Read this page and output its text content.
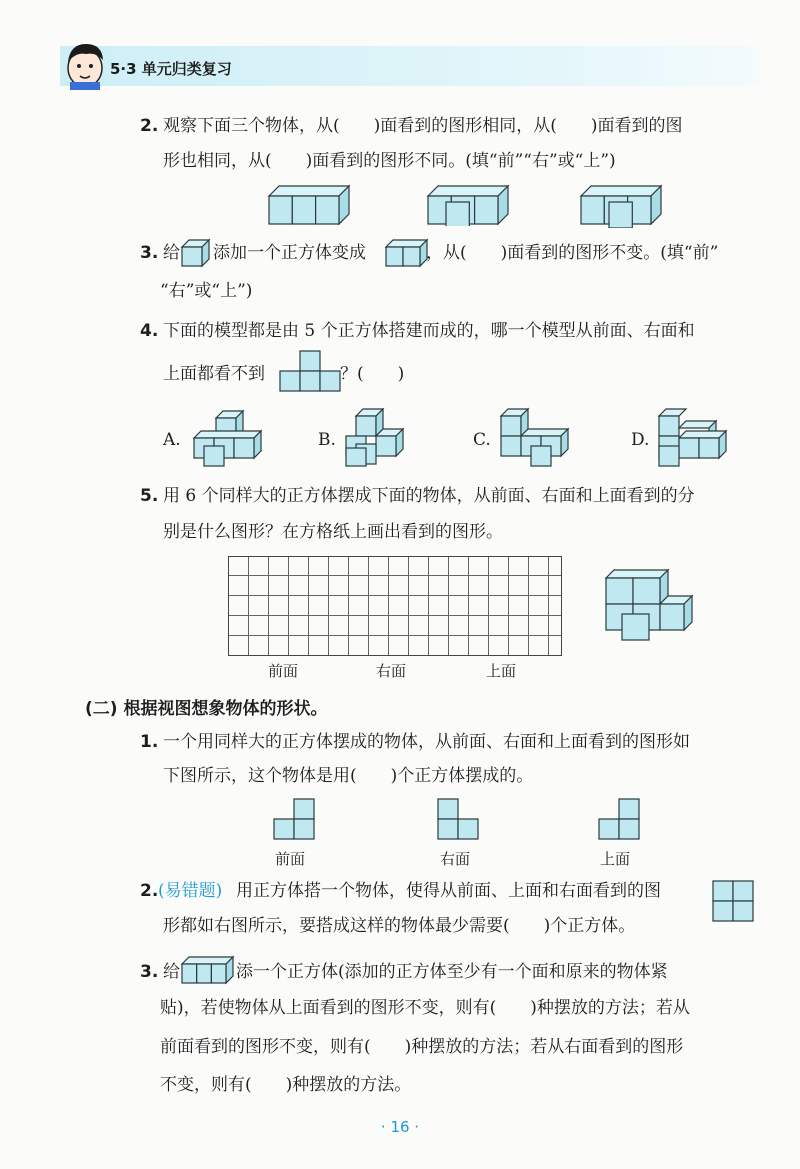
5·3 单元归类复习
2. 观察下面三个物体，从(　　)面看到的图形相同，从(　　)面看到的图
形也相同，从(　　)面看到的图形不同。(填“前”“右”或“上”)
3. 给 添加一个正方体变成	，从(　　)面看到的图形不变。(填“前”
“右”或“上”)
4. 下面的模型都是由 5 个正方体搭建而成的，哪一个模型从前面、右面和
上面都看不到	？(　　)
A.	B.	C.	D.
5. 用 6 个同样大的正方体摆成下面的物体，从前面、右面和上面看到的分
别是什么图形？在方格纸上画出看到的图形。
前面	右面	上面
(二) 根据视图想象物体的形状。
1. 一个用同样大的正方体摆成的物体，从前面、右面和上面看到的图形如
下图所示，这个物体是用(　　)个正方体摆成的。
前面	右面	上面
2. (易错题) 用正方体搭一个物体，使得从前面、上面和右面看到的图
形都如右图所示，要搭成这样的物体最少需要(　　)个正方体。
3. 给	添一个正方体(添加的正方体至少有一个面和原来的物体紧
贴)，若使物体从上面看到的图形不变，则有(　　)种摆放的方法；若从
前面看到的图形不变，则有(　　)种摆放的方法；若从右面看到的图形
不变，则有(　　)种摆放的方法。
· 16 ·
